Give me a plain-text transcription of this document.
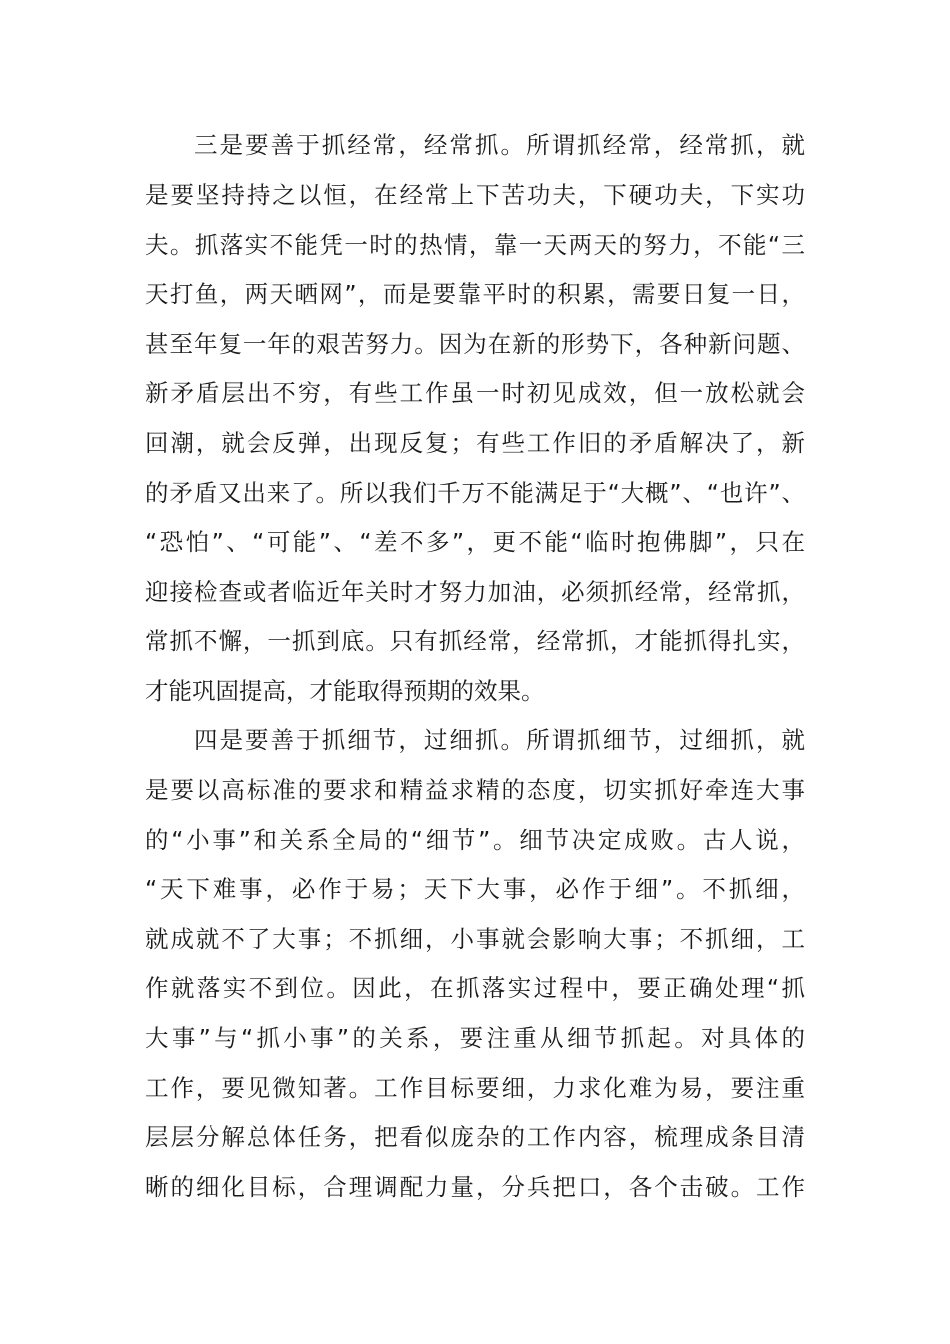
三是要善于抓经常，经常抓。所谓抓经常，经常抓，就
是要坚持持之以恒，在经常上下苦功夫，下硬功夫，下实功
夫。抓落实不能凭一时的热情，靠一天两天的努力，不能“三
天打鱼，两天晒网”，而是要靠平时的积累，需要日复一日，
甚至年复一年的艰苦努力。因为在新的形势下，各种新问题、
新矛盾层出不穷，有些工作虽一时初见成效，但一放松就会
回潮，就会反弹，出现反复；有些工作旧的矛盾解决了，新
的矛盾又出来了。所以我们千万不能满足于“大概”、“也许”、
“恐怕”、“可能”、“差不多”，更不能“临时抱佛脚”，只在
迎接检查或者临近年关时才努力加油，必须抓经常，经常抓，
常抓不懈，一抓到底。只有抓经常，经常抓，才能抓得扎实，
才能巩固提高，才能取得预期的效果。
四是要善于抓细节，过细抓。所谓抓细节，过细抓，就
是要以高标准的要求和精益求精的态度，切实抓好牵连大事
的“小事”和关系全局的“细节”。细节决定成败。古人说，
“天下难事，必作于易；天下大事，必作于细”。不抓细，
就成就不了大事；不抓细，小事就会影响大事；不抓细，工
作就落实不到位。因此，在抓落实过程中，要正确处理“抓
大事”与“抓小事”的关系，要注重从细节抓起。对具体的
工作，要见微知著。工作目标要细，力求化难为易，要注重
层层分解总体任务，把看似庞杂的工作内容，梳理成条目清
晰的细化目标，合理调配力量，分兵把口，各个击破。工作
